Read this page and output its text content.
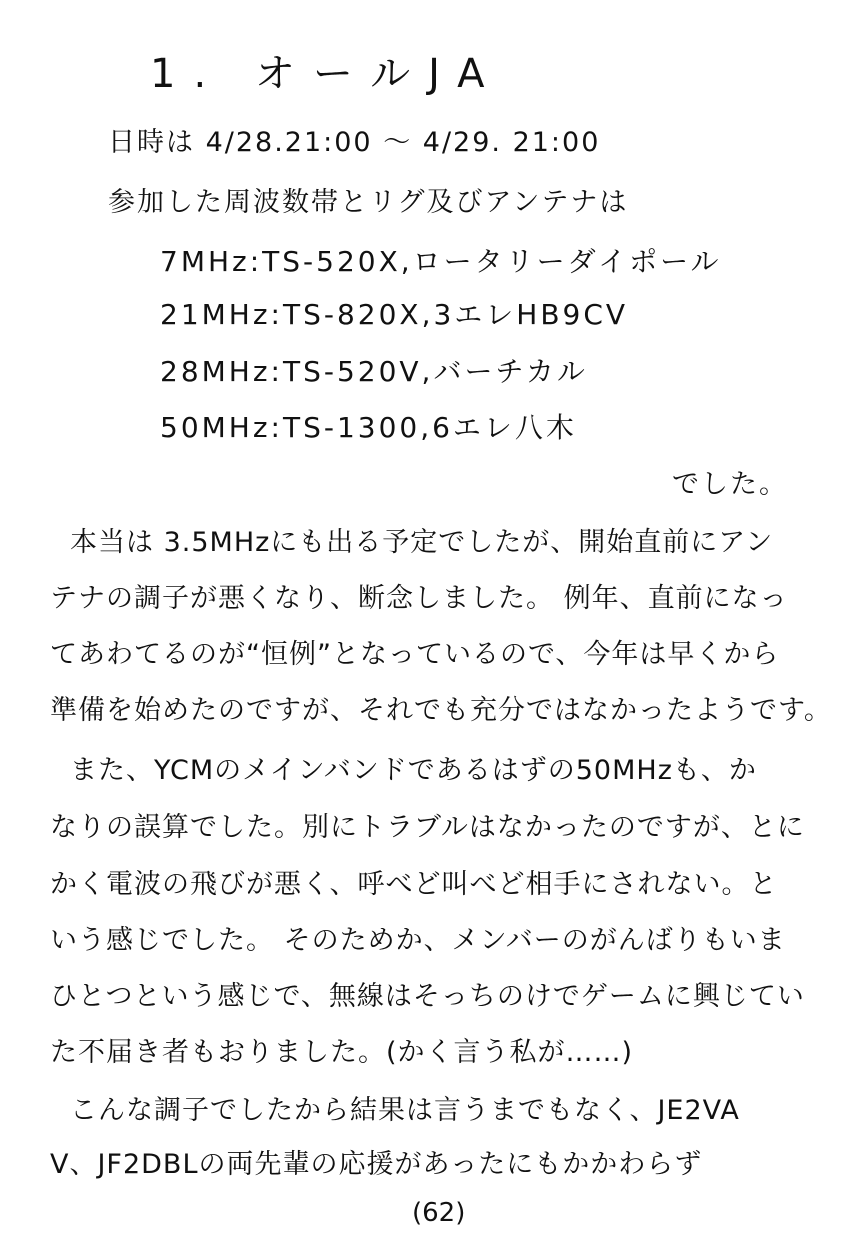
1. オールJA
日時は 4/28.21:00 〜 4/29. 21:00
参加した周波数帯とリグ及びアンテナは
7MHz:TS-520X,ロータリーダイポール
21MHz:TS-820X,3エレHB9CV
28MHz:TS-520V,バーチカル
50MHz:TS-1300,6エレ八木
でした。
本当は 3.5MHzにも出る予定でしたが、開始直前にアン
テナの調子が悪くなり、断念しました。 例年、直前になっ
てあわてるのが“恒例”となっているので、今年は早くから
準備を始めたのですが、それでも充分ではなかったようです。
また、YCMのメインバンドであるはずの50MHzも、か
なりの誤算でした。別にトラブルはなかったのですが、とに
かく電波の飛びが悪く、呼べど叫べど相手にされない。と
いう感じでした。 そのためか、メンバーのがんばりもいま
ひとつという感じで、無線はそっちのけでゲームに興じてい
た不届き者もおりました。(かく言う私が……)
こんな調子でしたから結果は言うまでもなく、JE2VA
V、JF2DBLの両先輩の応援があったにもかかわらず
(62)
